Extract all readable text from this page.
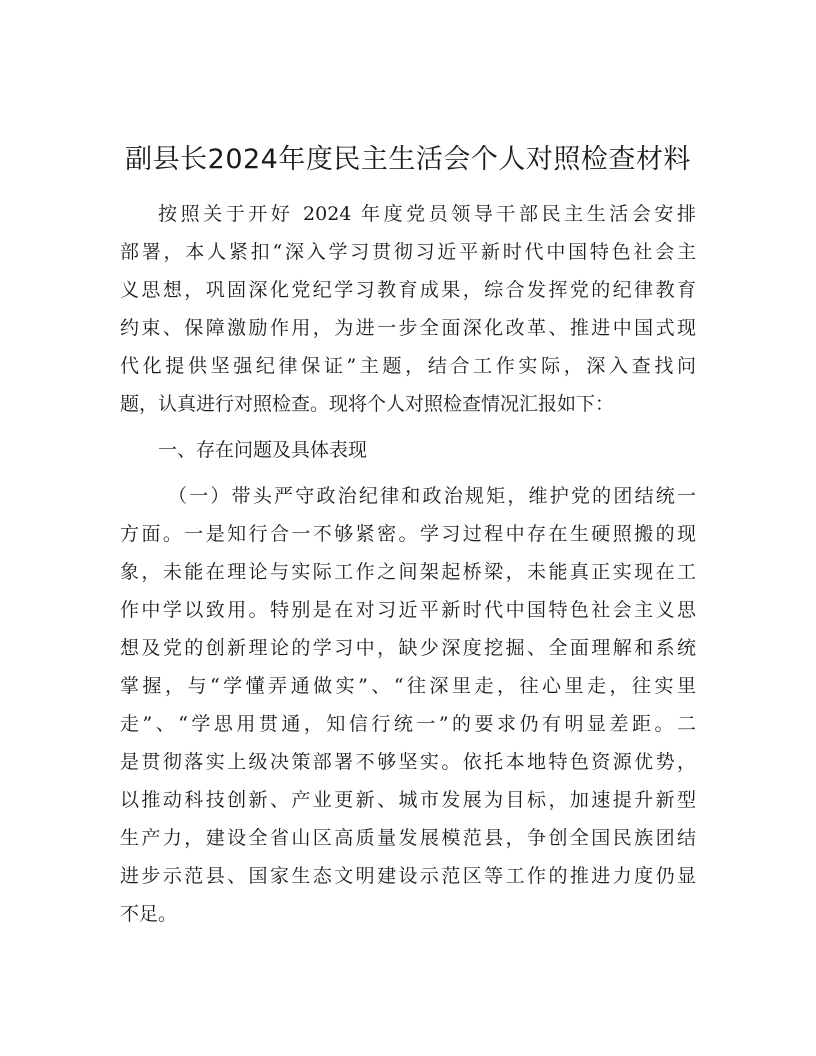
副县长2024年度民主生活会个人对照检查材料
按照关于开好 2024 年度党员领导干部民主生活会安排
部署，本人紧扣“深入学习贯彻习近平新时代中国特色社会主
义思想，巩固深化党纪学习教育成果，综合发挥党的纪律教育
约束、保障激励作用，为进一步全面深化改革、推进中国式现
代化提供坚强纪律保证”主题，结合工作实际，深入查找问
题，认真进行对照检查。现将个人对照检查情况汇报如下：
一、存在问题及具体表现
（一）带头严守政治纪律和政治规矩，维护党的团结统一
方面。一是知行合一不够紧密。学习过程中存在生硬照搬的现
象，未能在理论与实际工作之间架起桥梁，未能真正实现在工
作中学以致用。特别是在对习近平新时代中国特色社会主义思
想及党的创新理论的学习中，缺少深度挖掘、全面理解和系统
掌握，与“学懂弄通做实”、“往深里走，往心里走，往实里
走”、“学思用贯通，知信行统一”的要求仍有明显差距。二
是贯彻落实上级决策部署不够坚实。依托本地特色资源优势，
以推动科技创新、产业更新、城市发展为目标，加速提升新型
生产力，建设全省山区高质量发展模范县，争创全国民族团结
进步示范县、国家生态文明建设示范区等工作的推进力度仍显
不足。
